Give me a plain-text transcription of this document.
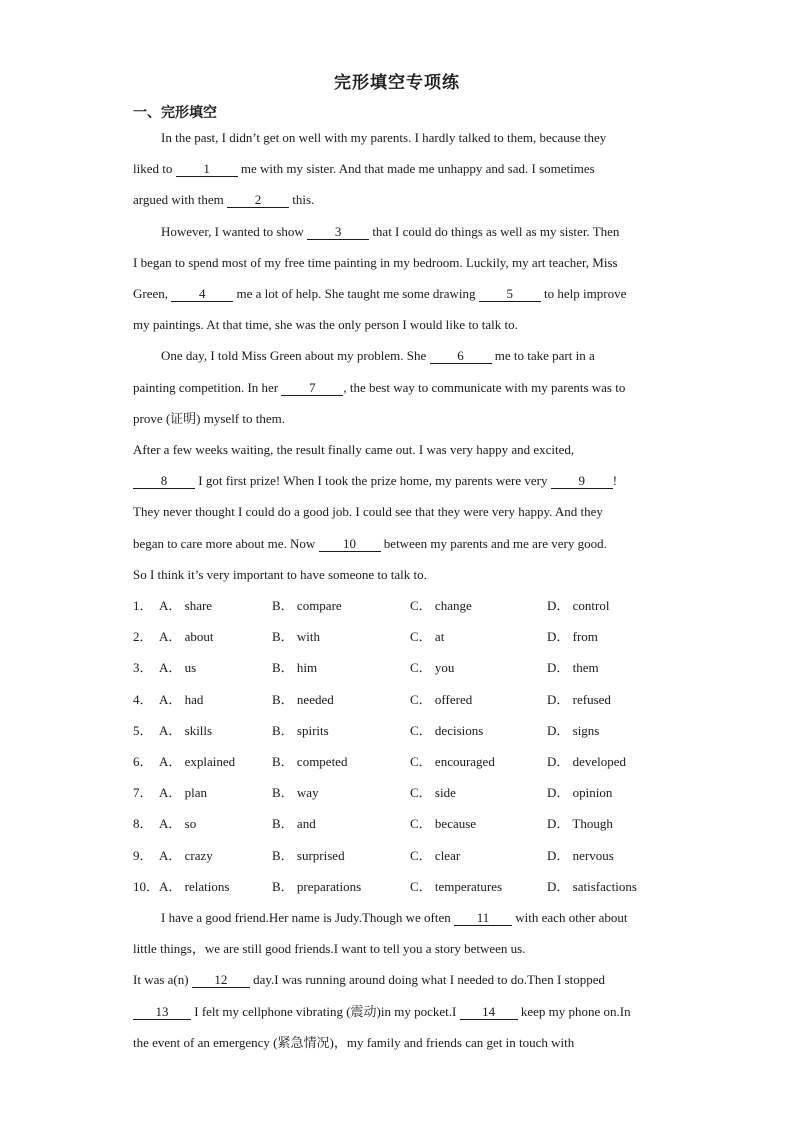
完形填空专项练
一、完形填空
In the past, I didn’t get on well with my parents. I hardly talked to them, because they
liked to 1 me with my sister. And that made me unhappy and sad. I sometimes
argued with them 2 this.
However, I wanted to show 3 that I could do things as well as my sister. Then
I began to spend most of my free time painting in my bedroom. Luckily, my art teacher, Miss
Green, 4 me a lot of help. She taught me some drawing 5 to help improve
my paintings. At that time, she was the only person I would like to talk to.
One day, I told Miss Green about my problem. She 6 me to take part in a
painting competition. In her 7 , the best way to communicate with my parents was to
prove (证明) myself to them.
After a few weeks waiting, the result finally came out. I was very happy and excited,
8 I got first prize! When I took the prize home, my parents were very 9 !
They never thought I could do a good job. I could see that they were very happy. And they
began to care more about me. Now 10 between my parents and me are very good.
So I think it’s very important to have someone to talk to.
1． A． share	B． compare	C． change	D． control
2． A． about	B． with	C． at	D． from
3． A． us	B． him	C． you	D． them
4． A． had	B． needed	C． offered	D． refused
5． A． skills	B． spirits	C． decisions	D． signs
6． A． explained	B． competed	C． encouraged	D． developed
7． A． plan	B． way	C． side	D． opinion
8． A． so	B． and	C． because	D． Though
9． A． crazy	B． surprised	C． clear	D． nervous
10． A． relations	B． preparations	C． temperatures	D． satisfactions
I have a good friend.Her name is Judy.Though we often 11 with each other about
little things，we are still good friends.I want to tell you a story between us.
It was a(n) 12 day.I was running around doing what I needed to do.Then I stopped
13 I felt my cellphone vibrating (震动)in my pocket.I 14 keep my phone on.In
the event of an emergency (紧急情况)，my family and friends can get in touch with
